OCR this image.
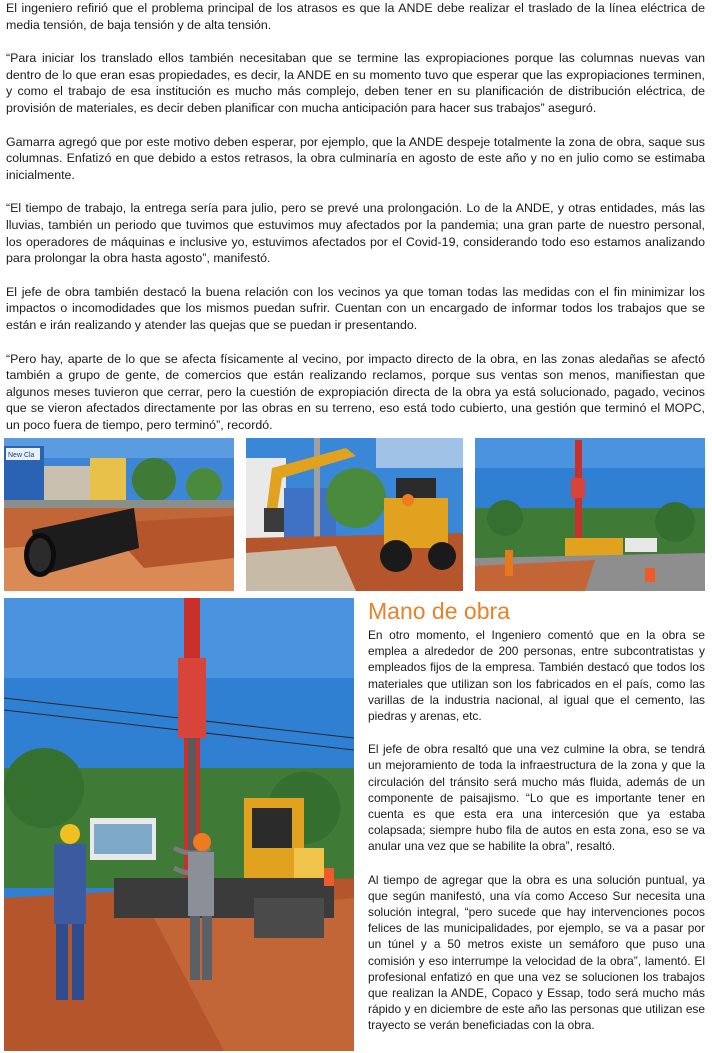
El ingeniero refirió que el problema principal de los atrasos es que la ANDE debe realizar el traslado de la línea eléctrica de media tensión, de baja tensión y de alta tensión.

“Para iniciar los translado ellos también necesitaban que se termine las expropiaciones porque las columnas nuevas van dentro de lo que eran esas propiedades, es decir, la ANDE en su momento tuvo que esperar que las expropiaciones terminen, y como el trabajo de esa institución es mucho más complejo, deben tener en su planificación de distribución eléctrica, de provisión de materiales, es decir deben planificar con mucha anticipación para hacer sus trabajos” aseguró.

Gamarra agregó que por este motivo deben esperar, por ejemplo, que la ANDE despeje totalmente la zona de obra, saque sus columnas. Enfatizó en que debido a estos retrasos, la obra culminaría en agosto de este año y no en julio como se estimaba inicialmente.

“El tiempo de trabajo, la entrega sería para julio, pero se prevé una prolongación. Lo de la ANDE, y otras entidades, más las lluvias, también un periodo que tuvimos que estuvimos muy afectados por la pandemia; una gran parte de nuestro personal, los operadores de máquinas e inclusive yo, estuvimos afectados por el Covid-19, considerando todo eso estamos analizando para prolongar la obra hasta agosto”, manifestó.

El jefe de obra también destacó la buena relación con los vecinos ya que toman todas las medidas con el fin minimizar los impactos o incomodidades que los mismos puedan sufrir. Cuentan con un encargado de informar todos los trabajos que se están e irán realizando y atender las quejas que se puedan ir presentando.

“Pero hay, aparte de lo que se afecta físicamente al vecino, por impacto directo de la obra, en las zonas aledañas se afectó también a grupo de gente, de comercios que están realizando reclamos, porque sus ventas son menos, manifiestan que algunos meses tuvieron que cerrar, pero la cuestión de expropiación directa de la obra ya está solucionado, pagado, vecinos que se vieron afectados directamente por las obras en su terreno, eso está todo cubierto, una gestión que terminó el MOPC, un poco fuera de tiempo, pero terminó”, recordó.

New Cla
Mano de obra

En otro momento, el Ingeniero comentó que en la obra se emplea a alrededor de 200 personas, entre subcontratistas y empleados fijos de la empresa. También destacó que todos los materiales que utilizan son los fabricados en el país, como las varillas de la industria nacional, al igual que el cemento, las piedras y arenas, etc.

El jefe de obra resaltó que una vez culmine la obra, se tendrá un mejoramiento de toda la infraestructura de la zona y que la circulación del tránsito será mucho más fluida, además de un componente de paisajismo. “Lo que es importante tener en cuenta es que esta era una intercesión que ya estaba colapsada; siempre hubo fila de autos en esta zona, eso se va anular una vez que se habilite la obra”, resaltó.

Al tiempo de agregar que la obra es una solución puntual, ya que según manifestó, una vía como Acceso Sur necesita una solución integral, “pero sucede que hay intervenciones pocos felices de las municipalidades, por ejemplo, se va a pasar por un túnel y a 50 metros existe un semáforo que puso una comisión y eso interrumpe la velocidad de la obra”, lamentó. El profesional enfatizó en que una vez se solucionen los trabajos que realizan la ANDE, Copaco y Essap, todo será mucho más rápido y en diciembre de este año las personas que utilizan ese trayecto se verán beneficiadas con la obra.
